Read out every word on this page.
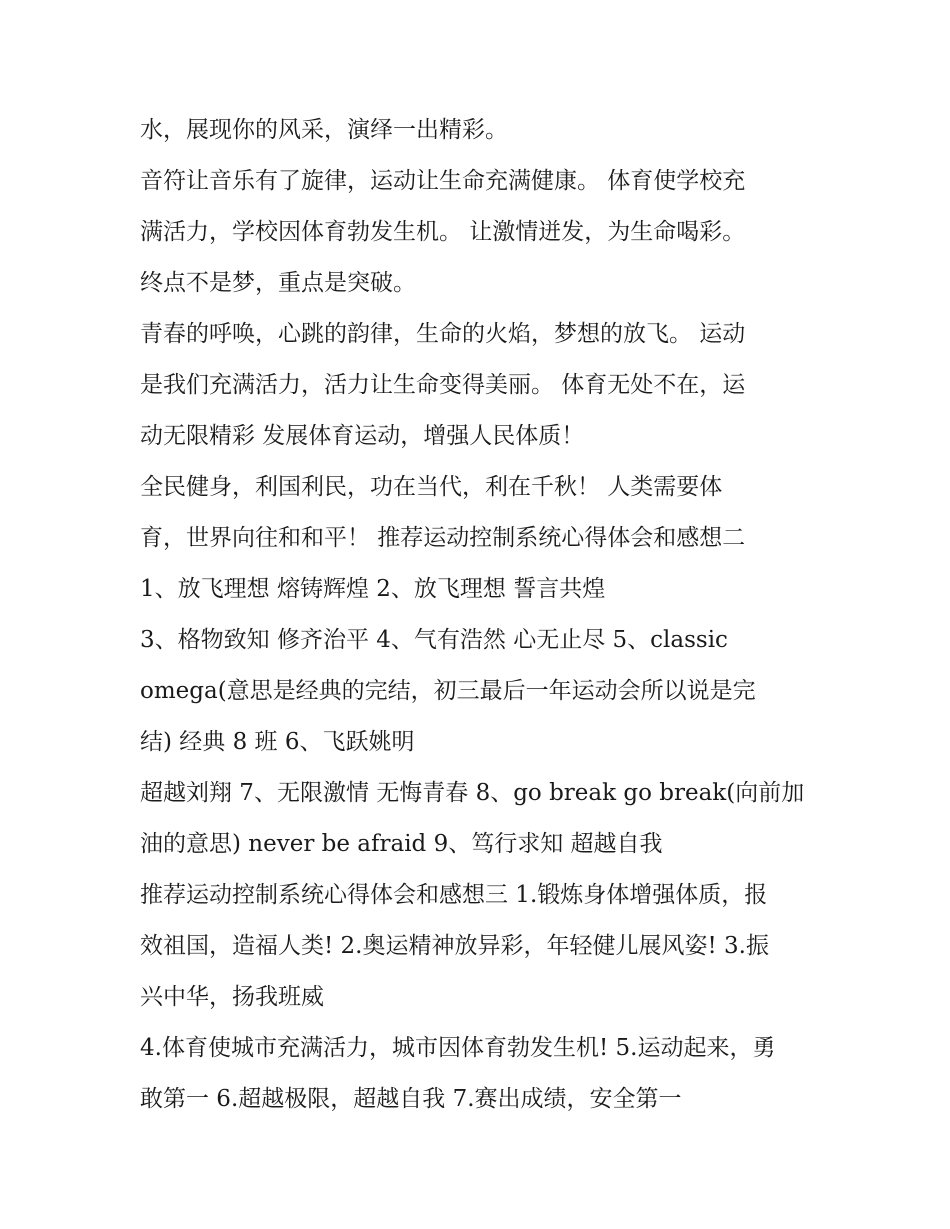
水，展现你的风采，演绎一出精彩。
音符让音乐有了旋律，运动让生命充满健康。 体育使学校充
满活力，学校因体育勃发生机。 让激情迸发，为生命喝彩。
终点不是梦，重点是突破。
青春的呼唤，心跳的韵律，生命的火焰，梦想的放飞。 运动
是我们充满活力，活力让生命变得美丽。 体育无处不在，运
动无限精彩 发展体育运动，增强人民体质！
全民健身，利国利民，功在当代，利在千秋！ 人类需要体
育，世界向往和和平！ 推荐运动控制系统心得体会和感想二
1、放飞理想 熔铸辉煌 2、放飞理想 誓言共煌
3、格物致知 修齐治平 4、气有浩然 心无止尽 5、classic
omega(意思是经典的完结，初三最后一年运动会所以说是完
结) 经典 8 班 6、飞跃姚明
超越刘翔 7、无限激情 无悔青春 8、go break go break(向前加
油的意思) never be afraid 9、笃行求知 超越自我
推荐运动控制系统心得体会和感想三 1.锻炼身体增强体质，报
效祖国，造福人类! 2.奥运精神放异彩，年轻健儿展风姿! 3.振
兴中华，扬我班威
4.体育使城市充满活力，城市因体育勃发生机! 5.运动起来，勇
敢第一 6.超越极限，超越自我 7.赛出成绩，安全第一
